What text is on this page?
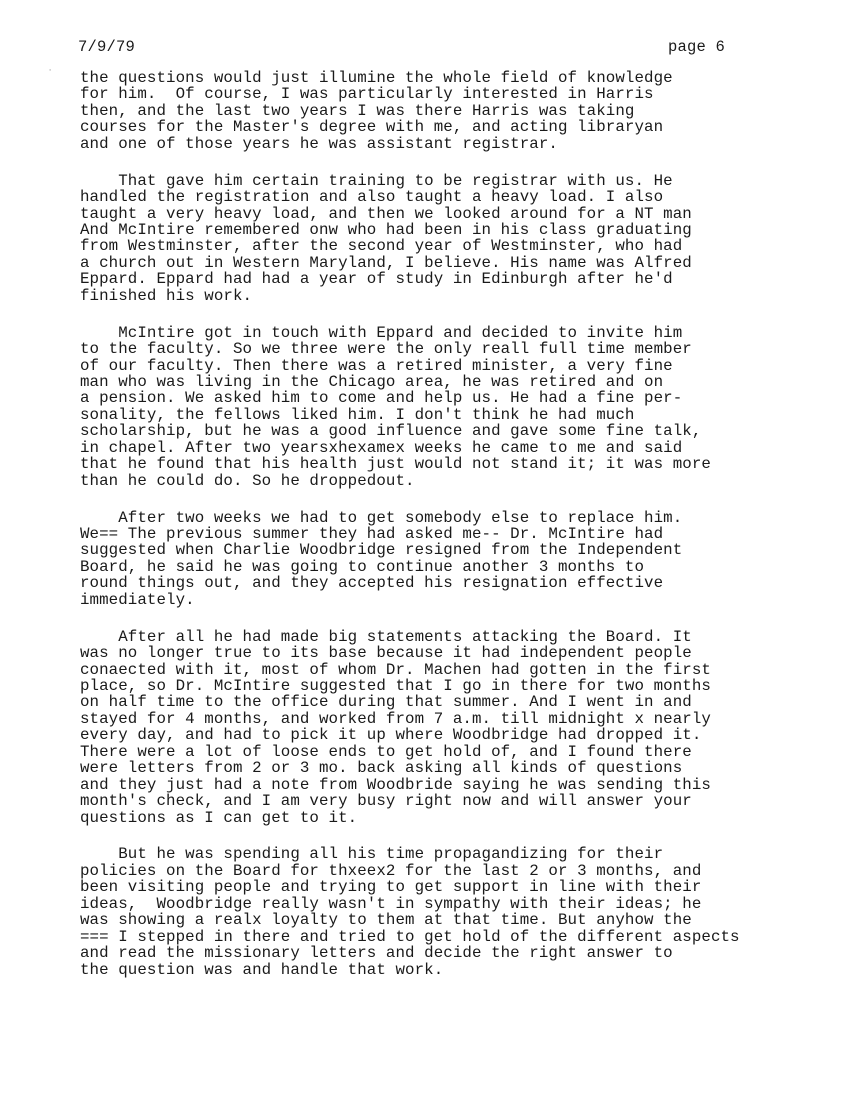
7/9/79	page 6
· the questions would just illumine the whole field of knowledge
for him.  Of course, I was particularly interested in Harris
then, and the last two years I was there Harris was taking
courses for the Master's degree with me, and acting libraryan
and one of those years he was assistant registrar.
That gave him certain training to be registrar with us. He
handled the registration and also taught a heavy load. I also
taught a very heavy load, and then we looked around for a NT man
And McIntire remembered onw who had been in his class graduating
from Westminster, after the second year of Westminster, who had
a church out in Western Maryland, I believe. His name was Alfred
Eppard. Eppard had had a year of study in Edinburgh after he'd
finished his work.
McIntire got in touch with Eppard and decided to invite him
to the faculty. So we three were the only reall full time member
of our faculty. Then there was a retired minister, a very fine
man who was living in the Chicago area, he was retired and on
a pension. We asked him to come and help us. He had a fine per-
sonality, the fellows liked him. I don't think he had much
scholarship, but he was a good influence and gave some fine talk,
in chapel. After two yearsxhexamex weeks he came to me and said
that he found that his health just would not stand it; it was more
than he could do. So he droppedout.
After two weeks we had to get somebody else to replace him.
We== The previous summer they had asked me-- Dr. McIntire had
suggested when Charlie Woodbridge resigned from the Independent
Board, he said he was going to continue another 3 months to
round things out, and they accepted his resignation effective
immediately.
After all he had made big statements attacking the Board. It
was no longer true to its base because it had independent people
conaected with it, most of whom Dr. Machen had gotten in the first
place, so Dr. McIntire suggested that I go in there for two months
on half time to the office during that summer. And I went in and
stayed for 4 months, and worked from 7 a.m. till midnight x nearly
every day, and had to pick it up where Woodbridge had dropped it.
There were a lot of loose ends to get hold of, and I found there
were letters from 2 or 3 mo. back asking all kinds of questions
and they just had a note from Woodbride saying he was sending this
month's check, and I am very busy right now and will answer your
questions as I can get to it.
But he was spending all his time propagandizing for their
policies on the Board for thxeex2 for the last 2 or 3 months, and
been visiting people and trying to get support in line with their
ideas,  Woodbridge really wasn't in sympathy with their ideas; he
was showing a realx loyalty to them at that time. But anyhow the
=== I stepped in there and tried to get hold of the different aspects
and read the missionary letters and decide the right answer to
the question was and handle that work.
